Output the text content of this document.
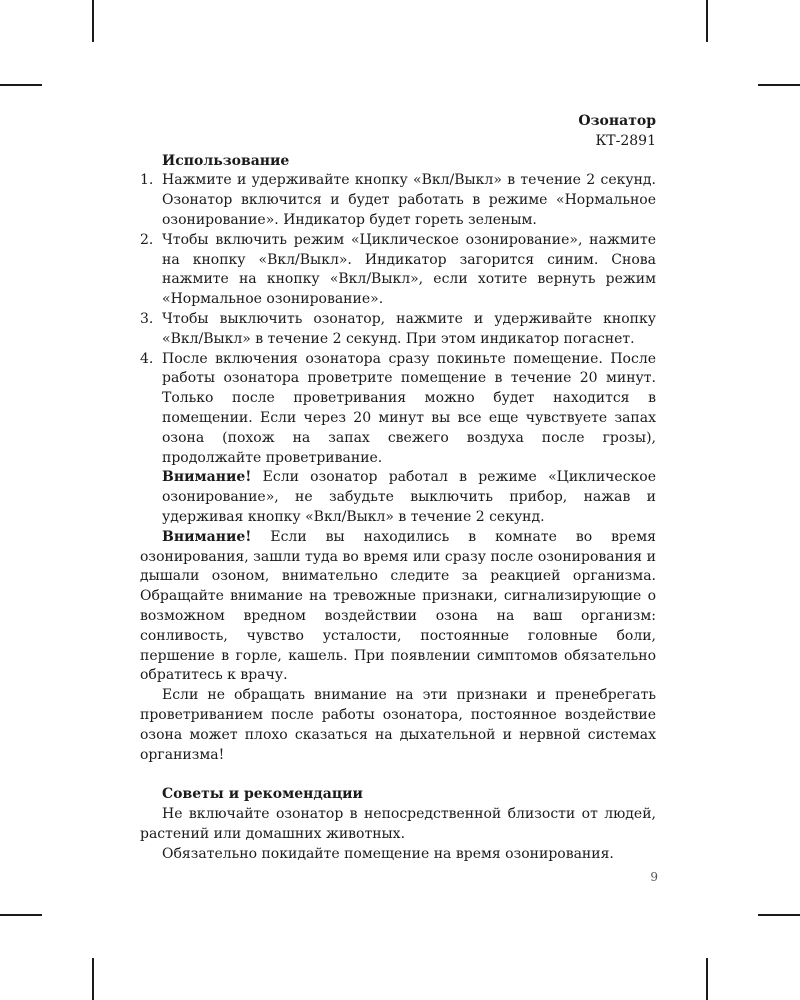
Озонатор
КТ-2891
Использование
1. Нажмите и удерживайте кнопку «Вкл/Выкл» в течение 2 секунд. Озонатор включится и будет работать в режиме «Нормальное озонирование». Индикатор будет гореть зеленым.
2. Чтобы включить режим «Циклическое озонирование», нажмите на кнопку «Вкл/Выкл». Индикатор загорится синим. Снова нажмите на кнопку «Вкл/Выкл», если хотите вернуть режим «Нормальное озонирование».
3. Чтобы выключить озонатор, нажмите и удерживайте кнопку «Вкл/Выкл» в течение 2 секунд. При этом индикатор погаснет.
4. После включения озонатора сразу покиньте помещение. После работы озонатора проветрите помещение в течение 20 минут. Только после проветривания можно будет находится в помещении. Если через 20 минут вы все еще чувствуете запах озона (похож на запах свежего воздуха после грозы), продолжайте проветривание.

Внимание! Если озонатор работал в режиме «Циклическое озонирование», не забудьте выключить прибор, нажав и удерживая кнопку «Вкл/Выкл» в течение 2 секунд.

Внимание! Если вы находились в комнате во время озонирования, зашли туда во время или сразу после озонирования и дышали озоном, внимательно следите за реакцией организма. Обращайте внимание на тревожные признаки, сигнализирующие о возможном вредном воздействии озона на ваш организм: сонливость, чувство усталости, постоянные головные боли, першение в горле, кашель. При появлении симптомов обязательно обратитесь к врачу.

Если не обращать внимание на эти признаки и пренебрегать проветриванием после работы озонатора, постоянное воздействие озона может плохо сказаться на дыхательной и нервной системах организма!

Советы и рекомендации

Не включайте озонатор в непосредственной близости от людей, растений или домашних животных.

Обязательно покидайте помещение на время озонирования.

9
